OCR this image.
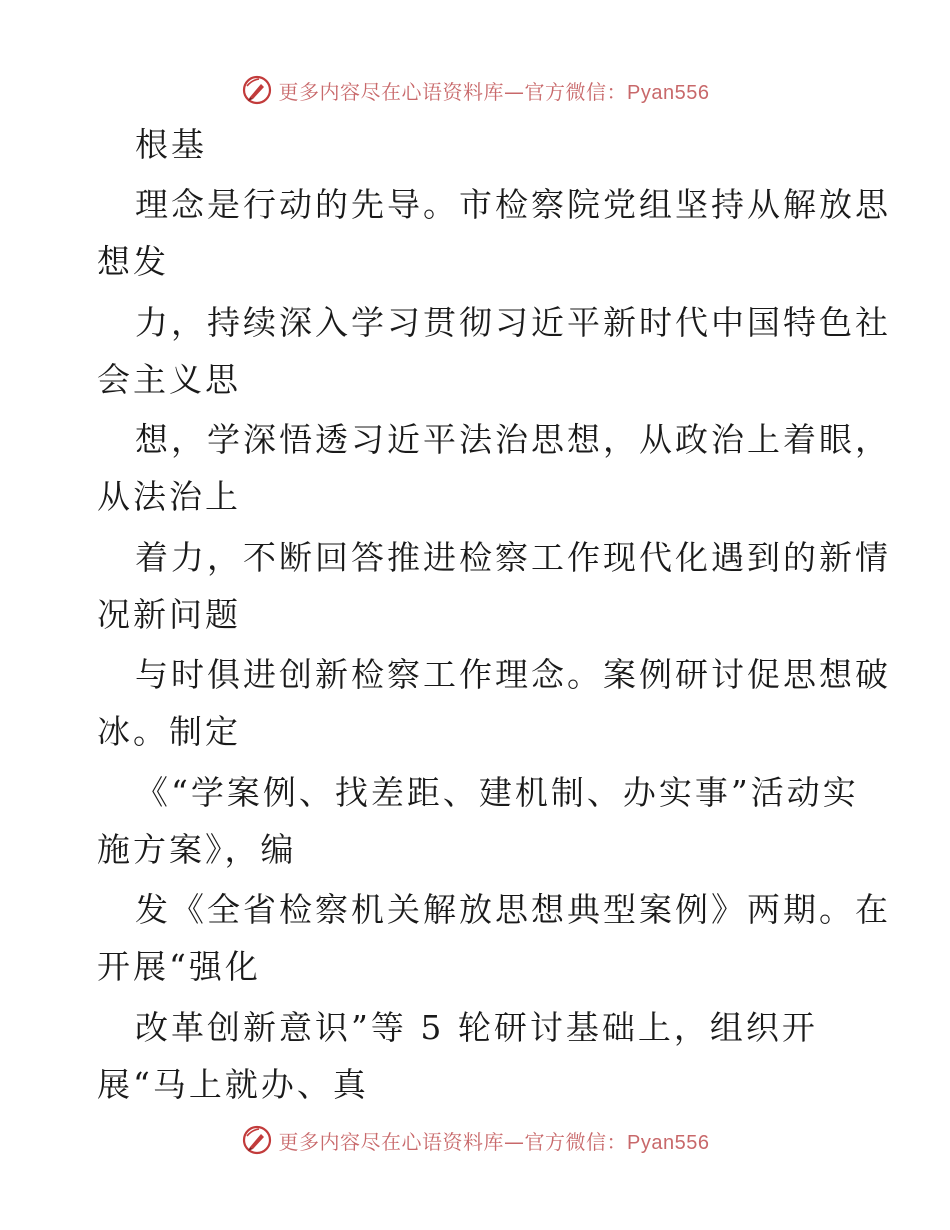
更多内容尽在心语资料库—官方微信：Pyan556
根基
理念是行动的先导。市检察院党组坚持从解放思
想发
力，持续深入学习贯彻习近平新时代中国特色社
会主义思
想，学深悟透习近平法治思想，从政治上着眼，
从法治上
着力，不断回答推进检察工作现代化遇到的新情
况新问题
与时俱进创新检察工作理念。案例研讨促思想破
冰。制定
《“学案例、找差距、建机制、办实事”活动实
施方案》，编
发《全省检察机关解放思想典型案例》两期。在
开展“强化
改革创新意识”等 5 轮研讨基础上，组织开
展“马上就办、真
更多内容尽在心语资料库—官方微信：Pyan556
